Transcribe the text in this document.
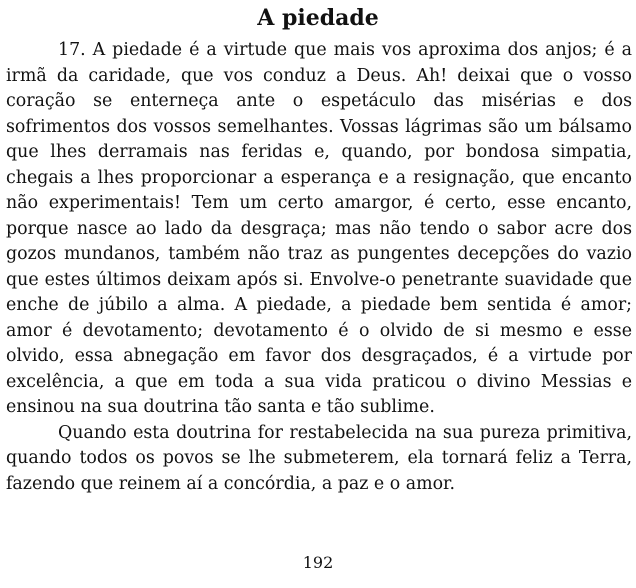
A piedade

17. A piedade é a virtude que mais vos aproxima dos anjos; é a irmã da caridade, que vos conduz a Deus. Ah! deixai que o vosso coração se enterneça ante o espetáculo das misérias e dos sofrimentos dos vossos semelhantes. Vossas lágrimas são um bálsamo que lhes derramais nas feridas e, quando, por bondosa simpatia, chegais a lhes proporcionar a esperança e a resignação, que encanto não experimentais! Tem um certo amargor, é certo, esse encanto, porque nasce ao lado da desgraça; mas não tendo o sabor acre dos gozos mundanos, também não traz as pungentes decepções do vazio que estes últimos deixam após si. Envolve-o penetrante suavidade que enche de júbilo a alma. A piedade, a piedade bem sentida é amor; amor é devotamento; devotamento é o olvido de si mesmo e esse olvido, essa abnegação em favor dos desgraçados, é a virtude por excelência, a que em toda a sua vida praticou o divino Messias e ensinou na sua doutrina tão santa e tão sublime.

Quando esta doutrina for restabelecida na sua pureza primitiva, quando todos os povos se lhe submeterem, ela tornará feliz a Terra, fazendo que reinem aí a concórdia, a paz e o amor.

192
